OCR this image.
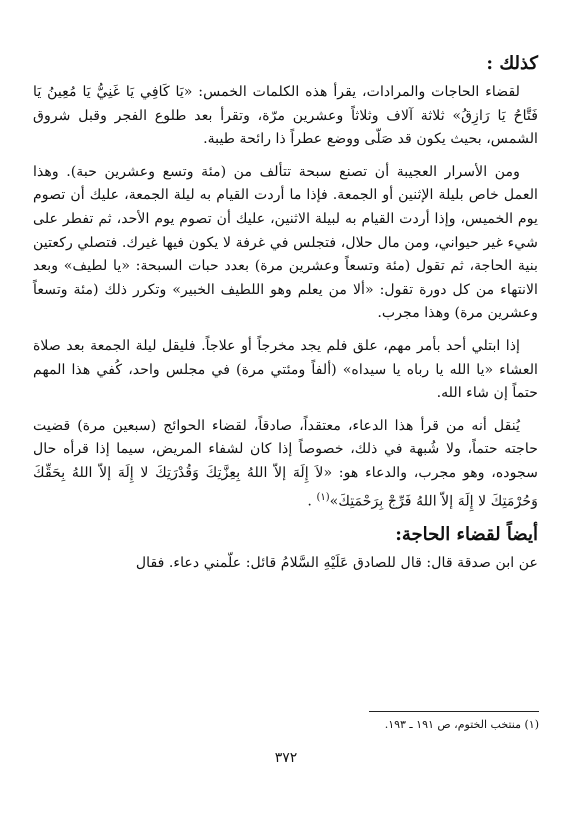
كذلك :

لقضاء الحاجات والمرادات، يقرأ هذه الكلمات الخمس: «يَا كَافِي يَا غَنِيُّ يَا مُعِينُ يَا فَتَّاحُ يَا رَازِقُ» ثلاثة آلاف وثلاثاً وعشرين مرّة، وتقرأ بعد طلوع الفجر وقبل شروق الشمس، بحيث يكون قد صَلّى ووضع عطراً ذا رائحة طيبة.

ومن الأسرار العجيبة أن تصنع سبحة تتألف من (مئة وتسع وعشرين حبة). وهذا العمل خاص بليلة الإثنين أو الجمعة. فإذا ما أردت القيام به ليلة الجمعة، عليك أن تصوم يوم الخميس، وإذا أردت القيام به لبيلة الاثنين، عليك أن تصوم يوم الأحد، ثم تفطر على شيء غير حيواني، ومن مال حلال، فتجلس في غرفة لا يكون فيها غيرك. فتصلي ركعتين بنية الحاجة، ثم تقول (مئة وتسعاً وعشرين مرة) بعدد حبات السبحة: «يا لطيف» وبعد الانتهاء من كل دورة تقول: «ألا من يعلم وهو اللطيف الخبير» وتكرر ذلك (مئة وتسعاً وعشرين مرة) وهذا مجرب.

إذا ابتلي أحد بأمر مهم، علق فلم يجد مخرجاً أو علاجاً. فليقل ليلة الجمعة بعد صلاة العشاء «يا الله يا رباه يا سيداه» (ألفاً ومئتي مرة) في مجلس واحد، كُفي هذا المهم حتماً إن شاء الله.

يُنقل أنه من قرأ هذا الدعاء، معتقداً، صادقاً، لقضاء الحوائج (سبعين مرة) قضيت حاجته حتماً، ولا شُبهة في ذلك، خصوصاً إذا كان لشفاء المريض، سيما إذا قرأه حال سجوده، وهو مجرب، والدعاء هو: «لاَ إِلَهَ إلاّ اللهُ بِعِزَّتِكَ وَقُدْرَتِكَ لا إِلَهَ إلاّ اللهُ بِحَقِّكَ وَحُرْمَتِكَ لا إِلَهَ إلاّ اللهُ فَرِّجْ بِرَحْمَتِكَ»$^{(١)}$ .

أيضاً لقضاء الحاجة:

عن ابن صدقة قال: قال للصادق عَلَيْهِ السَّلامُ قائل: علّمني دعاء. فقال

(١) منتخب الختوم، ص ١٩١ ـ ١٩٣.
٣٧٢
